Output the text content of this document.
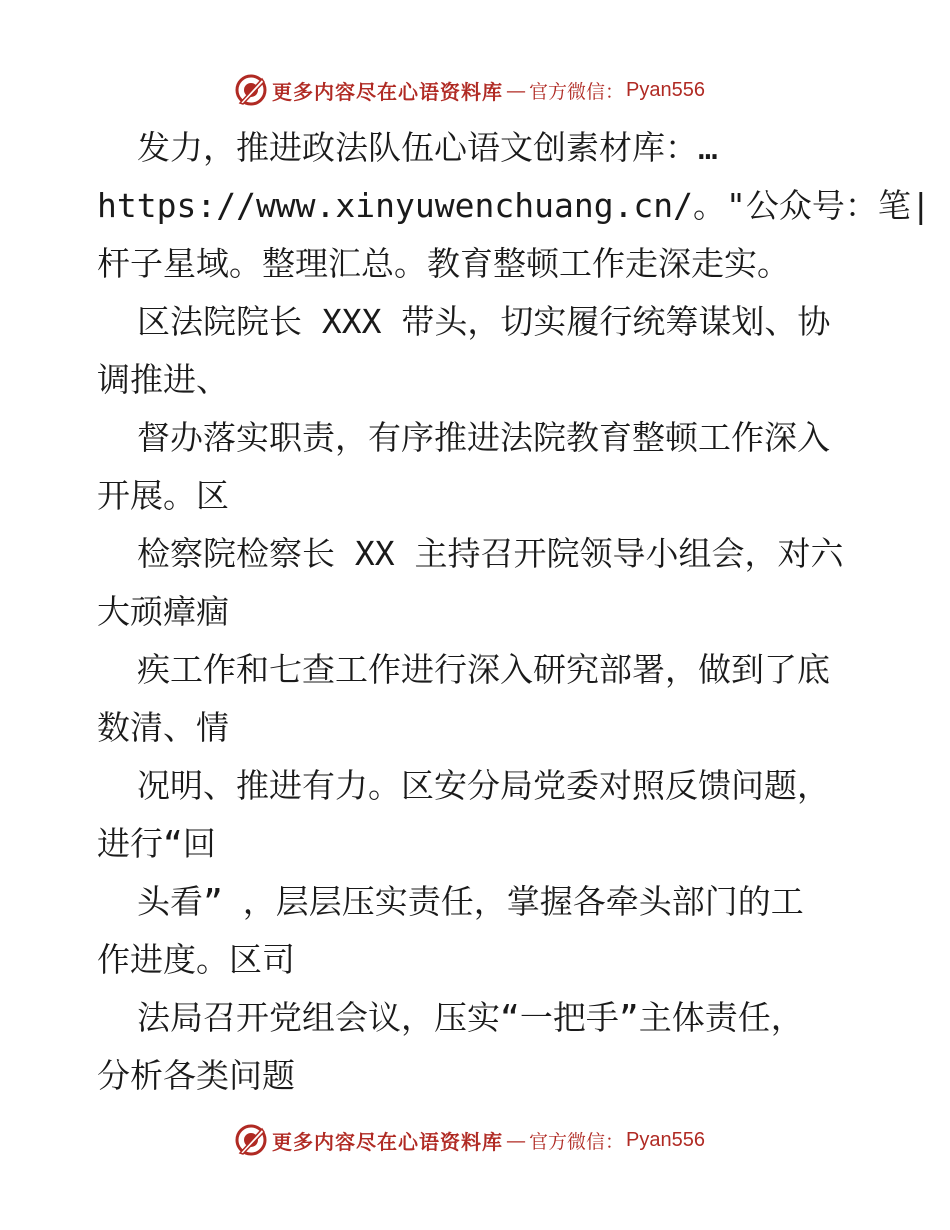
更多内容尽在心语资料库 — 官方微信： Pyan556
发力，推进政法队伍心语文创素材库：…
https://www.xinyuwenchuang.cn/。"公众号：笔|
杆子星域。整理汇总。教育整顿工作走深走实。
区法院院长 XXX 带头，切实履行统筹谋划、协
调推进、
督办落实职责，有序推进法院教育整顿工作深入
开展。区
检察院检察长 XX 主持召开院领导小组会，对六
大顽瘴痼
疾工作和七查工作进行深入研究部署，做到了底
数清、情
况明、推进有力。区安分局党委对照反馈问题，
进行“回
头看” ，层层压实责任，掌握各牵头部门的工
作进度。区司
法局召开党组会议，压实“一把手”主体责任，
分析各类问题
更多内容尽在心语资料库 — 官方微信： Pyan556
